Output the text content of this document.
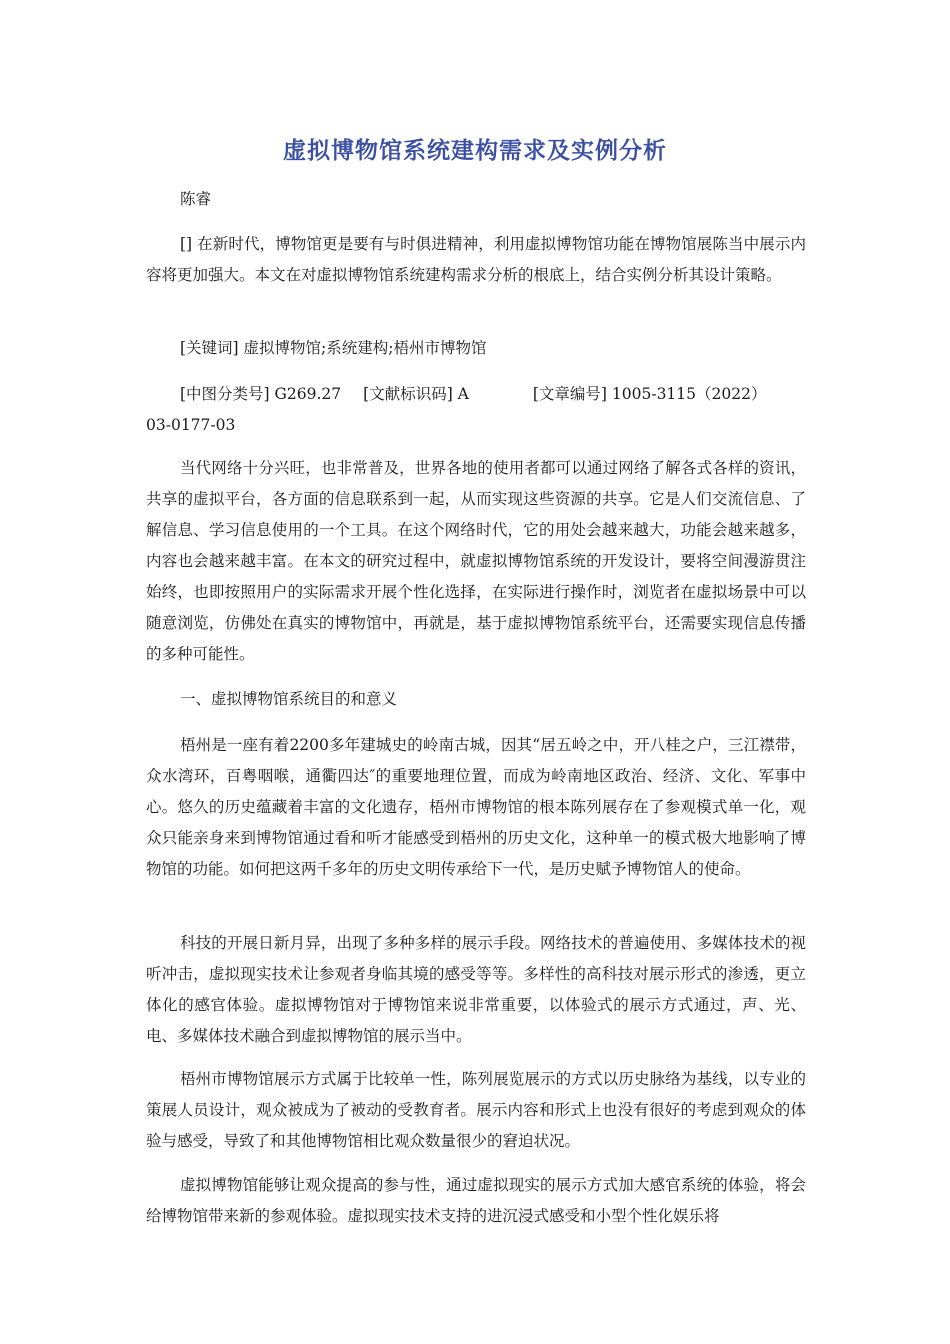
虚拟博物馆系统建构需求及实例分析

陈睿

[] 在新时代，博物馆更是要有与时俱进精神，利用虚拟博物馆功能在博物馆展陈当中展示内容将更加强大。本文在对虚拟博物馆系统建构需求分析的根底上，结合实例分析其设计策略。

[关键词] 虚拟博物馆;系统建构;梧州市博物馆

[中图分类号] G269.27 [文献标识码] A	[文章编号] 1005-3115（2022）
03-0177-03

当代网络十分兴旺，也非常普及，世界各地的使用者都可以通过网络了解各式各样的资讯，共享的虚拟平台，各方面的信息联系到一起，从而实现这些资源的共享。它是人们交流信息、了解信息、学习信息使用的一个工具。在这个网络时代，它的用处会越来越大，功能会越来越多，内容也会越来越丰富。在本文的研究过程中，就虚拟博物馆系统的开发设计，要将空间漫游贯注始终，也即按照用户的实际需求开展个性化选择，在实际进行操作时，浏览者在虚拟场景中可以随意浏览，仿佛处在真实的博物馆中，再就是，基于虚拟博物馆系统平台，还需要实现信息传播的多种可能性。

一、虚拟博物馆系统目的和意义

梧州是一座有着2200多年建城史的岭南古城，因其“居五岭之中，开八桂之户，三江襟带，众水湾环，百粤咽喉，通衢四达″的重要地理位置，而成为岭南地区政治、经济、文化、军事中心。悠久的历史蕴藏着丰富的文化遗存，梧州市博物馆的根本陈列展存在了参观模式单一化，观众只能亲身来到博物馆通过看和听才能感受到梧州的历史文化，这种单一的模式极大地影响了博物馆的功能。如何把这两千多年的历史文明传承给下一代，是历史赋予博物馆人的使命。

科技的开展日新月异，出现了多种多样的展示手段。网络技术的普遍使用、多媒体技术的视听冲击，虚拟现实技术让参观者身临其境的感受等等。多样性的高科技对展示形式的渗透，更立体化的感官体验。虚拟博物馆对于博物馆来说非常重要，以体验式的展示方式通过，声、光、电、多媒体技术融合到虚拟博物馆的展示当中。

梧州市博物馆展示方式属于比较单一性，陈列展览展示的方式以历史脉络为基线，以专业的策展人员设计，观众被成为了被动的受教育者。展示内容和形式上也没有很好的考虑到观众的体验与感受，导致了和其他博物馆相比观众数量很少的窘迫状况。

虚拟博物馆能够让观众提高的参与性，通过虚拟现实的展示方式加大感官系统的体验，将会给博物馆带来新的参观体验。虚拟现实技术支持的进沉浸式感受和小型个性化娱乐将
